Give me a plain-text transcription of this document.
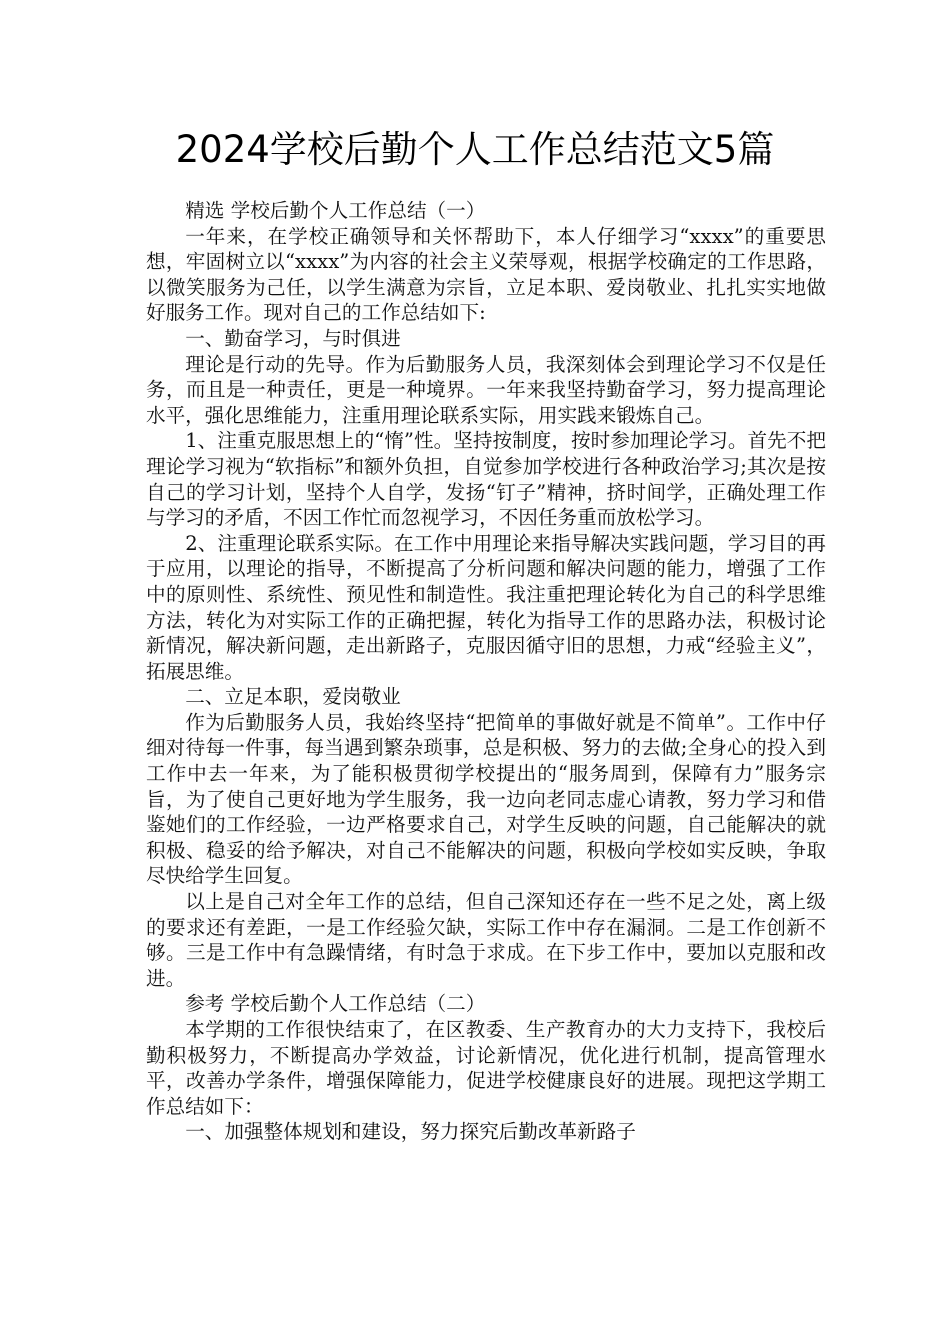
2024学校后勤个人工作总结范文5篇

精选 学校后勤个人工作总结（一）

一年来，在学校正确领导和关怀帮助下，本人仔细学习“xxxx”的重要思想，牢固树立以“xxxx”为内容的社会主义荣辱观，根据学校确定的工作思路，以微笑服务为己任，以学生满意为宗旨，立足本职、爱岗敬业、扎扎实实地做好服务工作。现对自己的工作总结如下:

一、勤奋学习，与时俱进

理论是行动的先导。作为后勤服务人员，我深刻体会到理论学习不仅是任务，而且是一种责任，更是一种境界。一年来我坚持勤奋学习，努力提高理论水平，强化思维能力，注重用理论联系实际，用实践来锻炼自己。

1、注重克服思想上的“惰”性。坚持按制度，按时参加理论学习。首先不把理论学习视为“软指标”和额外负担，自觉参加学校进行各种政治学习;其次是按自己的学习计划，坚持个人自学，发扬“钉子”精神，挤时间学，正确处理工作与学习的矛盾，不因工作忙而忽视学习，不因任务重而放松学习。

2、注重理论联系实际。在工作中用理论来指导解决实践问题，学习目的再于应用，以理论的指导，不断提高了分析问题和解决问题的能力，增强了工作中的原则性、系统性、预见性和制造性。我注重把理论转化为自己的科学思维方法，转化为对实际工作的正确把握，转化为指导工作的思路办法，积极讨论新情况，解决新问题，走出新路子，克服因循守旧的思想，力戒“经验主义”，拓展思维。

二、立足本职，爱岗敬业

作为后勤服务人员，我始终坚持“把简单的事做好就是不简单”。工作中仔细对待每一件事，每当遇到繁杂琐事，总是积极、努力的去做;全身心的投入到工作中去一年来，为了能积极贯彻学校提出的“服务周到，保障有力”服务宗旨，为了使自己更好地为学生服务，我一边向老同志虚心请教，努力学习和借鉴她们的工作经验，一边严格要求自己，对学生反映的问题，自己能解决的就积极、稳妥的给予解决，对自己不能解决的问题，积极向学校如实反映，争取尽快给学生回复。

以上是自己对全年工作的总结，但自己深知还存在一些不足之处，离上级的要求还有差距，一是工作经验欠缺，实际工作中存在漏洞。二是工作创新不够。三是工作中有急躁情绪，有时急于求成。在下步工作中，要加以克服和改进。

参考 学校后勤个人工作总结（二）

本学期的工作很快结束了，在区教委、生产教育办的大力支持下，我校后勤积极努力，不断提高办学效益，讨论新情况，优化进行机制，提高管理水平，改善办学条件，增强保障能力，促进学校健康良好的进展。现把这学期工作总结如下：

一、加强整体规划和建设，努力探究后勤改革新路子
